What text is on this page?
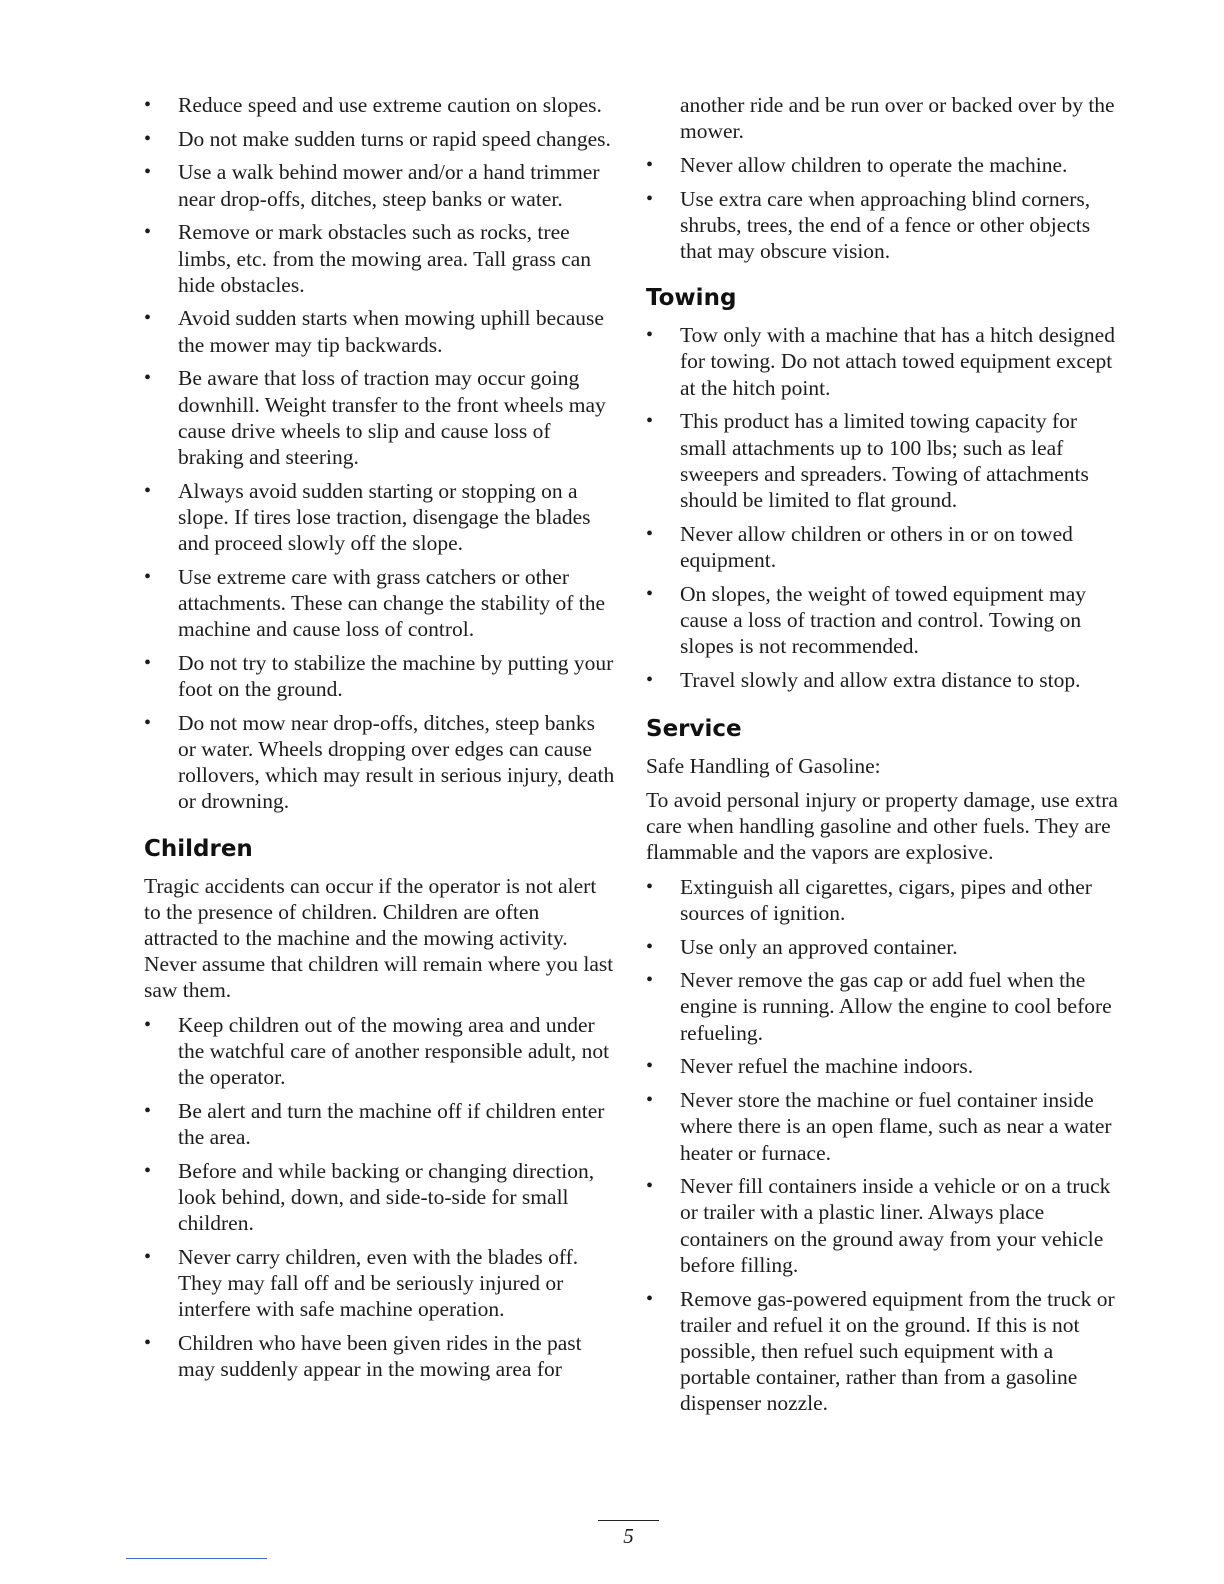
• Reduce speed and use extreme caution on slopes.
• Do not make sudden turns or rapid speed changes.
• Use a walk behind mower and/or a hand trimmer near drop-offs, ditches, steep banks or water.
• Remove or mark obstacles such as rocks, tree limbs, etc. from the mowing area. Tall grass can hide obstacles.
• Avoid sudden starts when mowing uphill because the mower may tip backwards.
• Be aware that loss of traction may occur going downhill. Weight transfer to the front wheels may cause drive wheels to slip and cause loss of braking and steering.
• Always avoid sudden starting or stopping on a slope. If tires lose traction, disengage the blades and proceed slowly off the slope.
• Use extreme care with grass catchers or other attachments. These can change the stability of the machine and cause loss of control.
• Do not try to stabilize the machine by putting your foot on the ground.
• Do not mow near drop-offs, ditches, steep banks or water. Wheels dropping over edges can cause rollovers, which may result in serious injury, death or drowning.
Children

Tragic accidents can occur if the operator is not alert to the presence of children. Children are often attracted to the machine and the mowing activity. Never assume that children will remain where you last saw them.

• Keep children out of the mowing area and under the watchful care of another responsible adult, not the operator.
• Be alert and turn the machine off if children enter the area.
• Before and while backing or changing direction, look behind, down, and side-to-side for small children.
• Never carry children, even with the blades off. They may fall off and be seriously injured or interfere with safe machine operation.
• Children who have been given rides in the past may suddenly appear in the mowing area for

another ride and be run over or backed over by the mower.

• Never allow children to operate the machine.
• Use extra care when approaching blind corners, shrubs, trees, the end of a fence or other objects that may obscure vision.
Towing
• Tow only with a machine that has a hitch designed for towing. Do not attach towed equipment except at the hitch point.
• This product has a limited towing capacity for small attachments up to 100 lbs; such as leaf sweepers and spreaders. Towing of attachments should be limited to flat ground.
• Never allow children or others in or on towed equipment.
• On slopes, the weight of towed equipment may cause a loss of traction and control. Towing on slopes is not recommended.
• Travel slowly and allow extra distance to stop.
Service

Safe Handling of Gasoline:

To avoid personal injury or property damage, use extra care when handling gasoline and other fuels. They are flammable and the vapors are explosive.

• Extinguish all cigarettes, cigars, pipes and other sources of ignition.
• Use only an approved container.
• Never remove the gas cap or add fuel when the engine is running. Allow the engine to cool before refueling.
• Never refuel the machine indoors.
• Never store the machine or fuel container inside where there is an open flame, such as near a water heater or furnace.
• Never fill containers inside a vehicle or on a truck or trailer with a plastic liner. Always place containers on the ground away from your vehicle before filling.
• Remove gas-powered equipment from the truck or trailer and refuel it on the ground. If this is not possible, then refuel such equipment with a portable container, rather than from a gasoline dispenser nozzle.
5
